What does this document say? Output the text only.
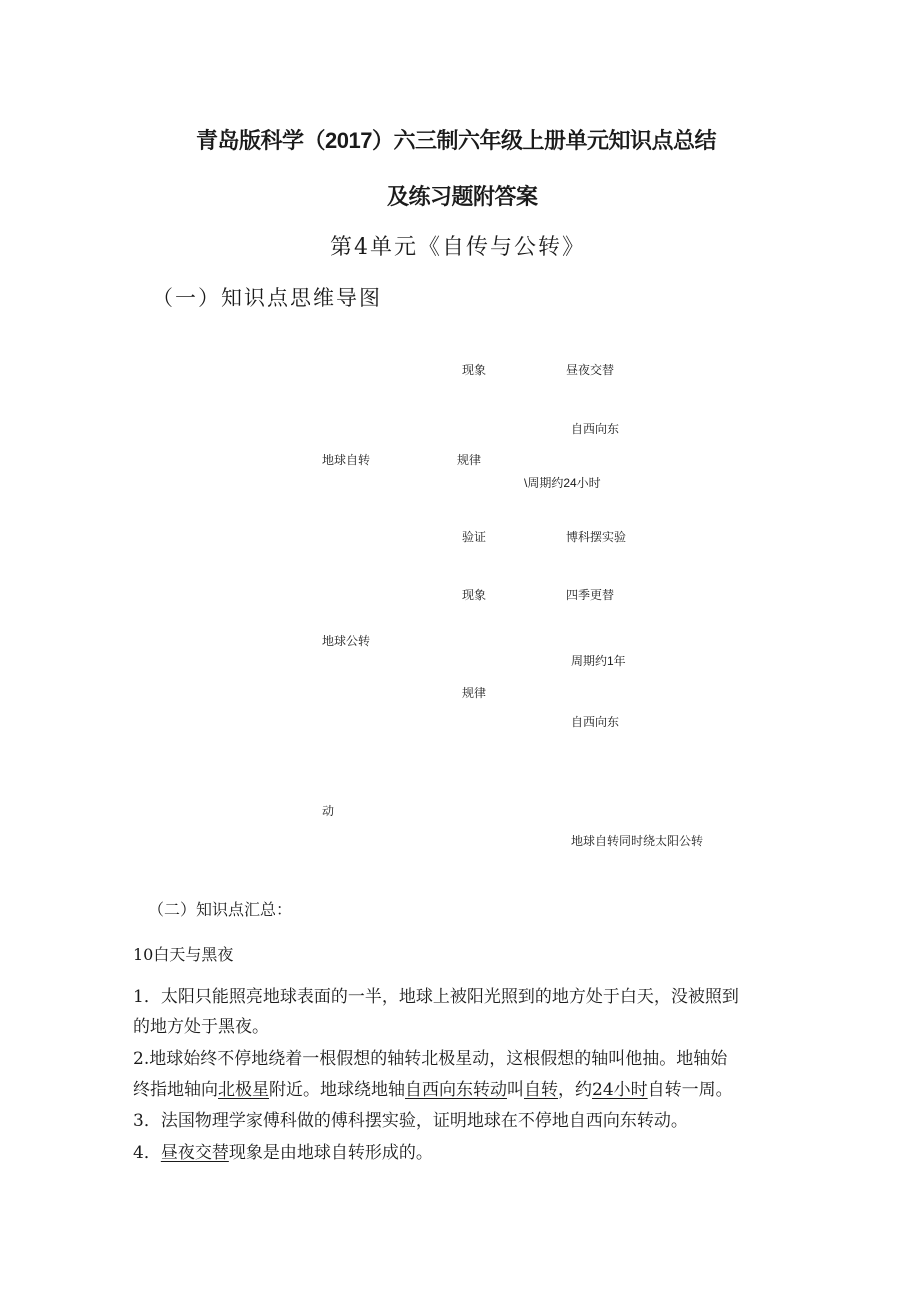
青岛版科学（2017）六三制六年级上册单元知识点总结
及练习题附答案
第4单元《自传与公转》
（一）知识点思维导图
现象	昼夜交替
自西向东
地球自转	规律
\周期约24小时
验证	博科摆实验
现象	四季更替
地球公转
周期约1年
规律
自西向东
动
地球自转同时绕太阳公转
（二）知识点汇总：
10白天与黑夜
1．太阳只能照亮地球表面的一半，地球上被阳光照到的地方处于白天，没被照到
的地方处于黑夜。
2.地球始终不停地绕着一根假想的轴转北极星动，这根假想的轴叫他抽。地轴始
终指地轴向北极星附近。地球绕地轴自西向东转动叫自转，约24小时自转一周。
3．法国物理学家傅科做的傅科摆实验，证明地球在不停地自西向东转动。
4．昼夜交替现象是由地球自转形成的。
